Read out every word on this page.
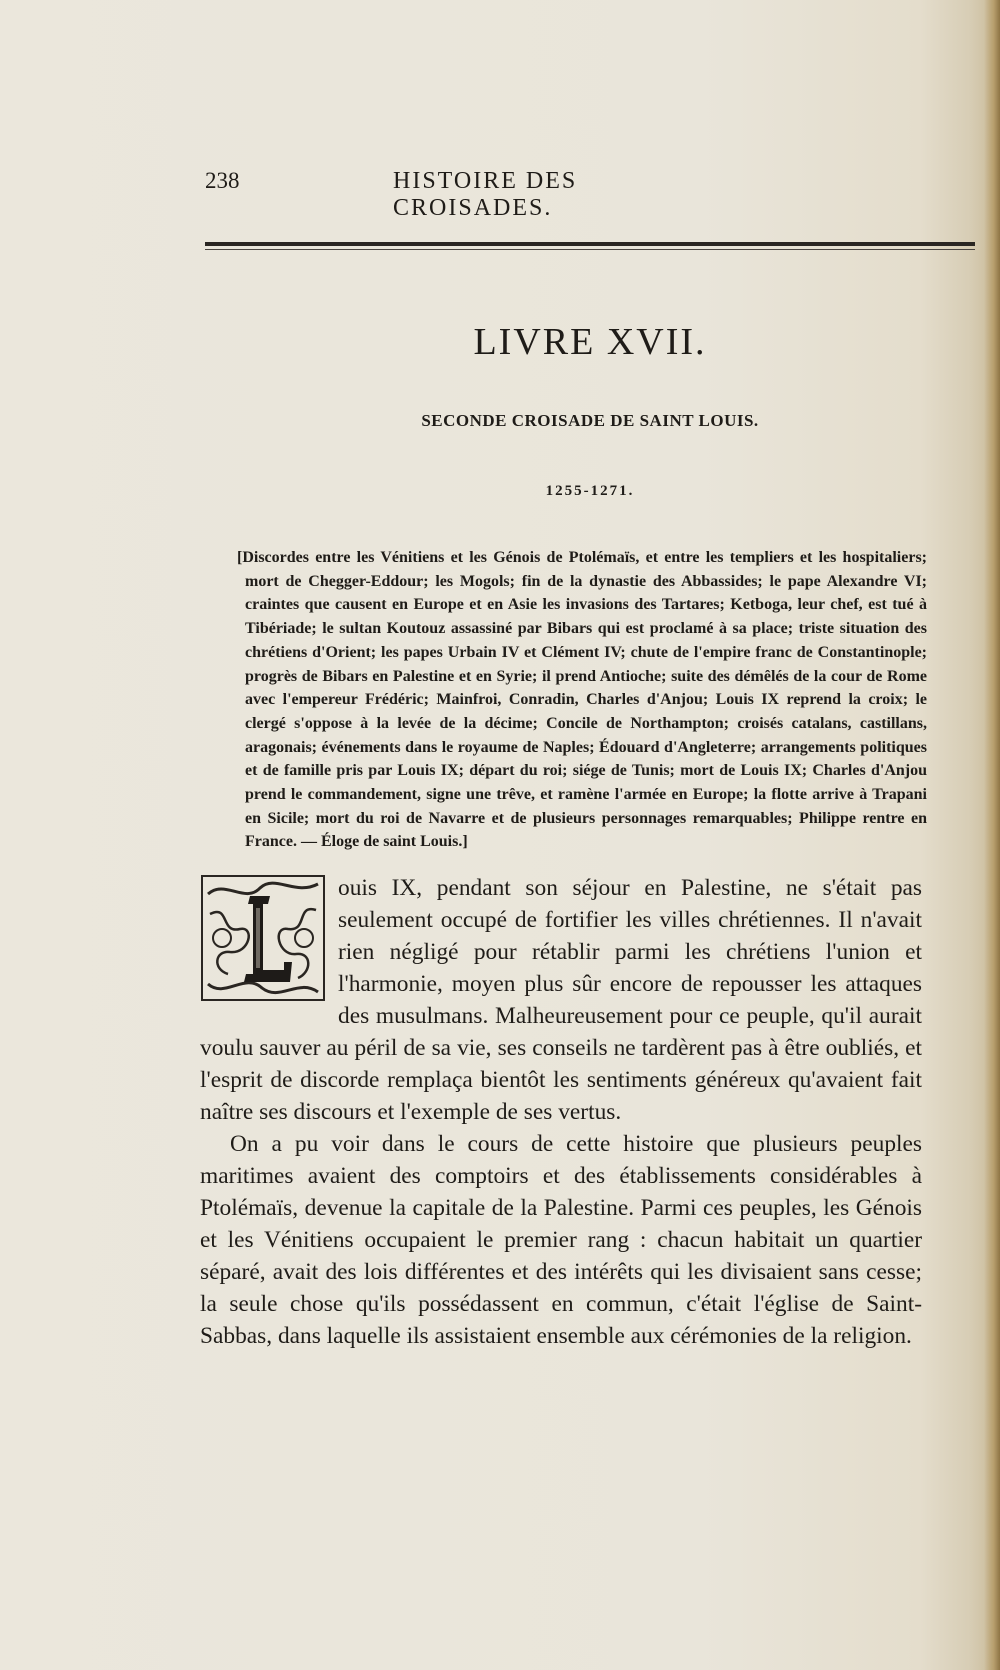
238	HISTOIRE DES CROISADES.
LIVRE XVII.
SECONDE CROISADE DE SAINT LOUIS.
1255-1271.
[Discordes entre les Vénitiens et les Génois de Ptolémaïs, et entre les templiers et les hospitaliers; mort de Chegger-Eddour; les Mogols; fin de la dynastie des Abbassides; le pape Alexandre VI; craintes que causent en Europe et en Asie les invasions des Tartares; Ketboga, leur chef, est tué à Tibériade; le sultan Koutouz assassiné par Bibars qui est proclamé à sa place; triste situation des chrétiens d'Orient; les papes Urbain IV et Clément IV; chute de l'empire franc de Constantinople; progrès de Bibars en Palestine et en Syrie; il prend Antioche; suite des démêlés de la cour de Rome avec l'empereur Frédéric; Mainfroi, Conradin, Charles d'Anjou; Louis IX reprend la croix; le clergé s'oppose à la levée de la décime; Concile de Northampton; croisés catalans, castillans, aragonais; événements dans le royaume de Naples; Édouard d'Angleterre; arrangements politiques et de famille pris par Louis IX; départ du roi; siége de Tunis; mort de Louis IX; Charles d'Anjou prend le commandement, signe une trêve, et ramène l'armée en Europe; la flotte arrive à Trapani en Sicile; mort du roi de Navarre et de plusieurs personnages remarquables; Philippe rentre en France. — Éloge de saint Louis.]

ouis IX, pendant son séjour en Palestine, ne s'était pas seulement occupé de fortifier les villes chrétiennes. Il n'avait rien négligé pour rétablir parmi les chrétiens l'union et l'harmonie, moyen plus sûr encore de repousser les attaques des musulmans. Malheureusement pour ce peuple, qu'il aurait voulu sauver au péril de sa vie, ses conseils ne tardèrent pas à être oubliés, et l'esprit de discorde remplaça bientôt les sentiments généreux qu'avaient fait naître ses discours et l'exemple de ses vertus.

On a pu voir dans le cours de cette histoire que plusieurs peuples maritimes avaient des comptoirs et des établissements considérables à Ptolémaïs, devenue la capitale de la Palestine. Parmi ces peuples, les Génois et les Vénitiens occupaient le premier rang : chacun habitait un quartier séparé, avait des lois différentes et des intérêts qui les divisaient sans cesse; la seule chose qu'ils possédassent en commun, c'était l'église de Saint-Sabbas, dans laquelle ils assistaient ensemble aux cérémonies de la religion.
